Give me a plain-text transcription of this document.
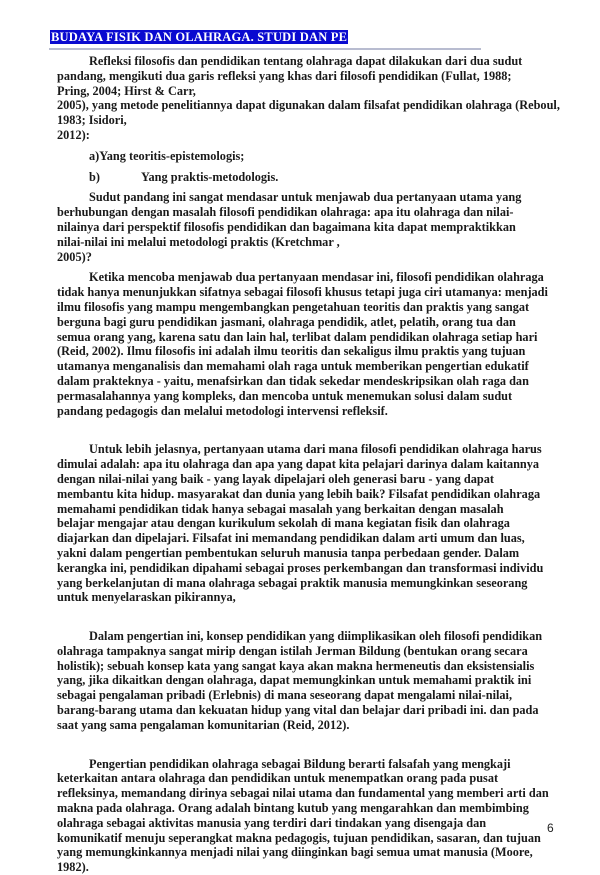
BUDAYA FISIK DAN OLAHRAGA. STUDI DAN PE
Refleksi filosofis dan pendidikan tentang olahraga dapat dilakukan dari dua sudut
pandang, mengikuti dua garis refleksi yang khas dari filosofi pendidikan (Fullat, 1988;
Pring, 2004; Hirst & Carr,
2005), yang metode penelitiannya dapat digunakan dalam filsafat pendidikan olahraga (Reboul,
1983; Isidori,
2012):
a)Yang teoritis-epistemologis;
b)	Yang praktis-metodologis.
Sudut pandang ini sangat mendasar untuk menjawab dua pertanyaan utama yang
berhubungan dengan masalah filosofi pendidikan olahraga: apa itu olahraga dan nilai-
nilainya dari perspektif filosofis pendidikan dan bagaimana kita dapat mempraktikkan
nilai-nilai ini melalui metodologi praktis (Kretchmar ,
2005)?
Ketika mencoba menjawab dua pertanyaan mendasar ini, filosofi pendidikan olahraga
tidak hanya menunjukkan sifatnya sebagai filosofi khusus tetapi juga ciri utamanya: menjadi
ilmu filosofis yang mampu mengembangkan pengetahuan teoritis dan praktis yang sangat
berguna bagi guru pendidikan jasmani, olahraga pendidik, atlet, pelatih, orang tua dan
semua orang yang, karena satu dan lain hal, terlibat dalam pendidikan olahraga setiap hari
(Reid, 2002). Ilmu filosofis ini adalah ilmu teoritis dan sekaligus ilmu praktis yang tujuan
utamanya menganalisis dan memahami olah raga untuk memberikan pengertian edukatif
dalam prakteknya - yaitu, menafsirkan dan tidak sekedar mendeskripsikan olah raga dan
permasalahannya yang kompleks, dan mencoba untuk menemukan solusi dalam sudut
pandang pedagogis dan melalui metodologi intervensi refleksif.
Untuk lebih jelasnya, pertanyaan utama dari mana filosofi pendidikan olahraga harus
dimulai adalah: apa itu olahraga dan apa yang dapat kita pelajari darinya dalam kaitannya
dengan nilai-nilai yang baik - yang layak dipelajari oleh generasi baru - yang dapat
membantu kita hidup. masyarakat dan dunia yang lebih baik? Filsafat pendidikan olahraga
memahami pendidikan tidak hanya sebagai masalah yang berkaitan dengan masalah
belajar mengajar atau dengan kurikulum sekolah di mana kegiatan fisik dan olahraga
diajarkan dan dipelajari. Filsafat ini memandang pendidikan dalam arti umum dan luas,
yakni dalam pengertian pembentukan seluruh manusia tanpa perbedaan gender. Dalam
kerangka ini, pendidikan dipahami sebagai proses perkembangan dan transformasi individu
yang berkelanjutan di mana olahraga sebagai praktik manusia memungkinkan seseorang
untuk menyelaraskan pikirannya,
Dalam pengertian ini, konsep pendidikan yang diimplikasikan oleh filosofi pendidikan
olahraga tampaknya sangat mirip dengan istilah Jerman Bildung (bentukan orang secara
holistik); sebuah konsep kata yang sangat kaya akan makna hermeneutis dan eksistensialis
yang, jika dikaitkan dengan olahraga, dapat memungkinkan untuk memahami praktik ini
sebagai pengalaman pribadi (Erlebnis) di mana seseorang dapat mengalami nilai-nilai,
barang-barang utama dan kekuatan hidup yang vital dan belajar dari pribadi ini. dan pada
saat yang sama pengalaman komunitarian (Reid, 2012).
Pengertian pendidikan olahraga sebagai Bildung berarti falsafah yang mengkaji
keterkaitan antara olahraga dan pendidikan untuk menempatkan orang pada pusat
refleksinya, memandang dirinya sebagai nilai utama dan fundamental yang memberi arti dan
makna pada olahraga. Orang adalah bintang kutub yang mengarahkan dan membimbing
olahraga sebagai aktivitas manusia yang terdiri dari tindakan yang disengaja dan
komunikatif menuju seperangkat makna pedagogis, tujuan pendidikan, sasaran, dan tujuan
yang memungkinkannya menjadi nilai yang diinginkan bagi semua umat manusia (Moore,
1982).
6
